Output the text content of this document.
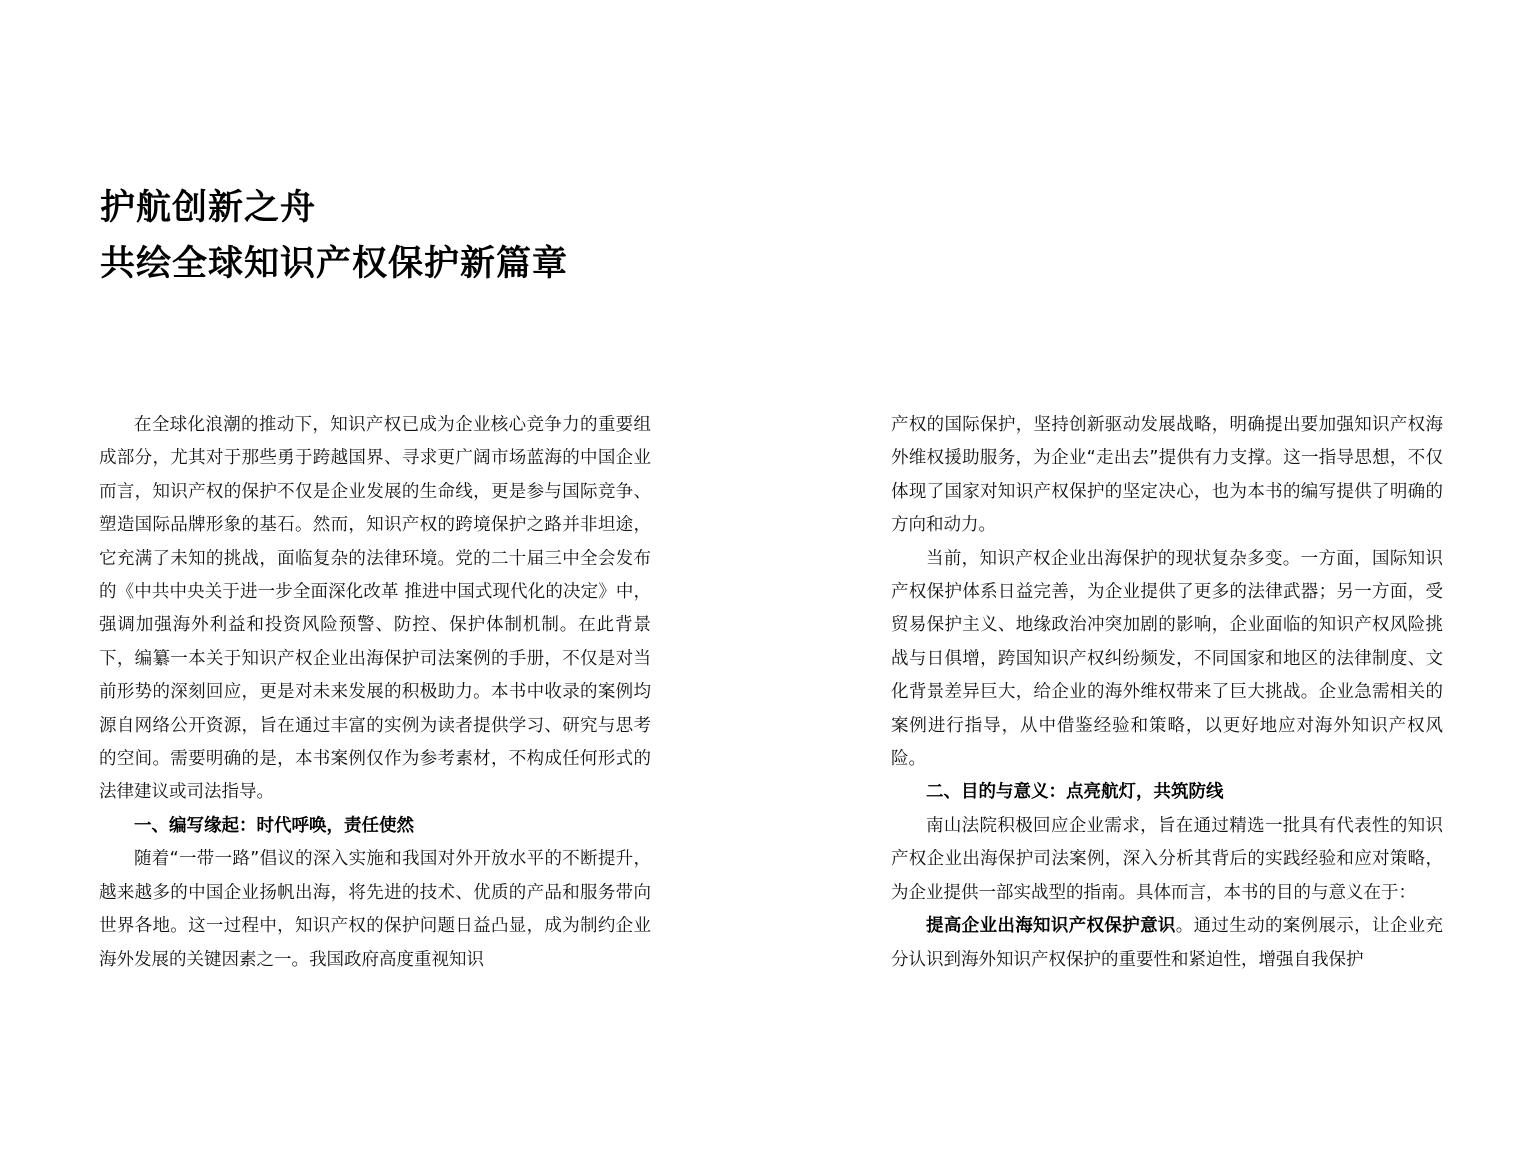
护航创新之舟
共绘全球知识产权保护新篇章

在全球化浪潮的推动下，知识产权已成为企业核心竞争力的重要组成部分，尤其对于那些勇于跨越国界、寻求更广阔市场蓝海的中国企业而言，知识产权的保护不仅是企业发展的生命线，更是参与国际竞争、塑造国际品牌形象的基石。然而，知识产权的跨境保护之路并非坦途，它充满了未知的挑战，面临复杂的法律环境。党的二十届三中全会发布的《中共中央关于进一步全面深化改革 推进中国式现代化的决定》中，强调加强海外利益和投资风险预警、防控、保护体制机制。在此背景下，编纂一本关于知识产权企业出海保护司法案例的手册，不仅是对当前形势的深刻回应，更是对未来发展的积极助力。本书中收录的案例均源自网络公开资源，旨在通过丰富的实例为读者提供学习、研究与思考的空间。需要明确的是，本书案例仅作为参考素材，不构成任何形式的法律建议或司法指导。

一、编写缘起：时代呼唤，责任使然

随着“一带一路”倡议的深入实施和我国对外开放水平的不断提升，越来越多的中国企业扬帆出海，将先进的技术、优质的产品和服务带向世界各地。这一过程中，知识产权的保护问题日益凸显，成为制约企业海外发展的关键因素之一。我国政府高度重视知识

产权的国际保护，坚持创新驱动发展战略，明确提出要加强知识产权海外维权援助服务，为企业“走出去”提供有力支撑。这一指导思想，不仅体现了国家对知识产权保护的坚定决心，也为本书的编写提供了明确的方向和动力。

当前，知识产权企业出海保护的现状复杂多变。一方面，国际知识产权保护体系日益完善，为企业提供了更多的法律武器；另一方面，受贸易保护主义、地缘政治冲突加剧的影响，企业面临的知识产权风险挑战与日俱增，跨国知识产权纠纷频发，不同国家和地区的法律制度、文化背景差异巨大，给企业的海外维权带来了巨大挑战。企业急需相关的案例进行指导，从中借鉴经验和策略，以更好地应对海外知识产权风险。

二、目的与意义：点亮航灯，共筑防线

南山法院积极回应企业需求，旨在通过精选一批具有代表性的知识产权企业出海保护司法案例，深入分析其背后的实践经验和应对策略，为企业提供一部实战型的指南。具体而言，本书的目的与意义在于：

提高企业出海知识产权保护意识。通过生动的案例展示，让企业充分认识到海外知识产权保护的重要性和紧迫性，增强自我保护
